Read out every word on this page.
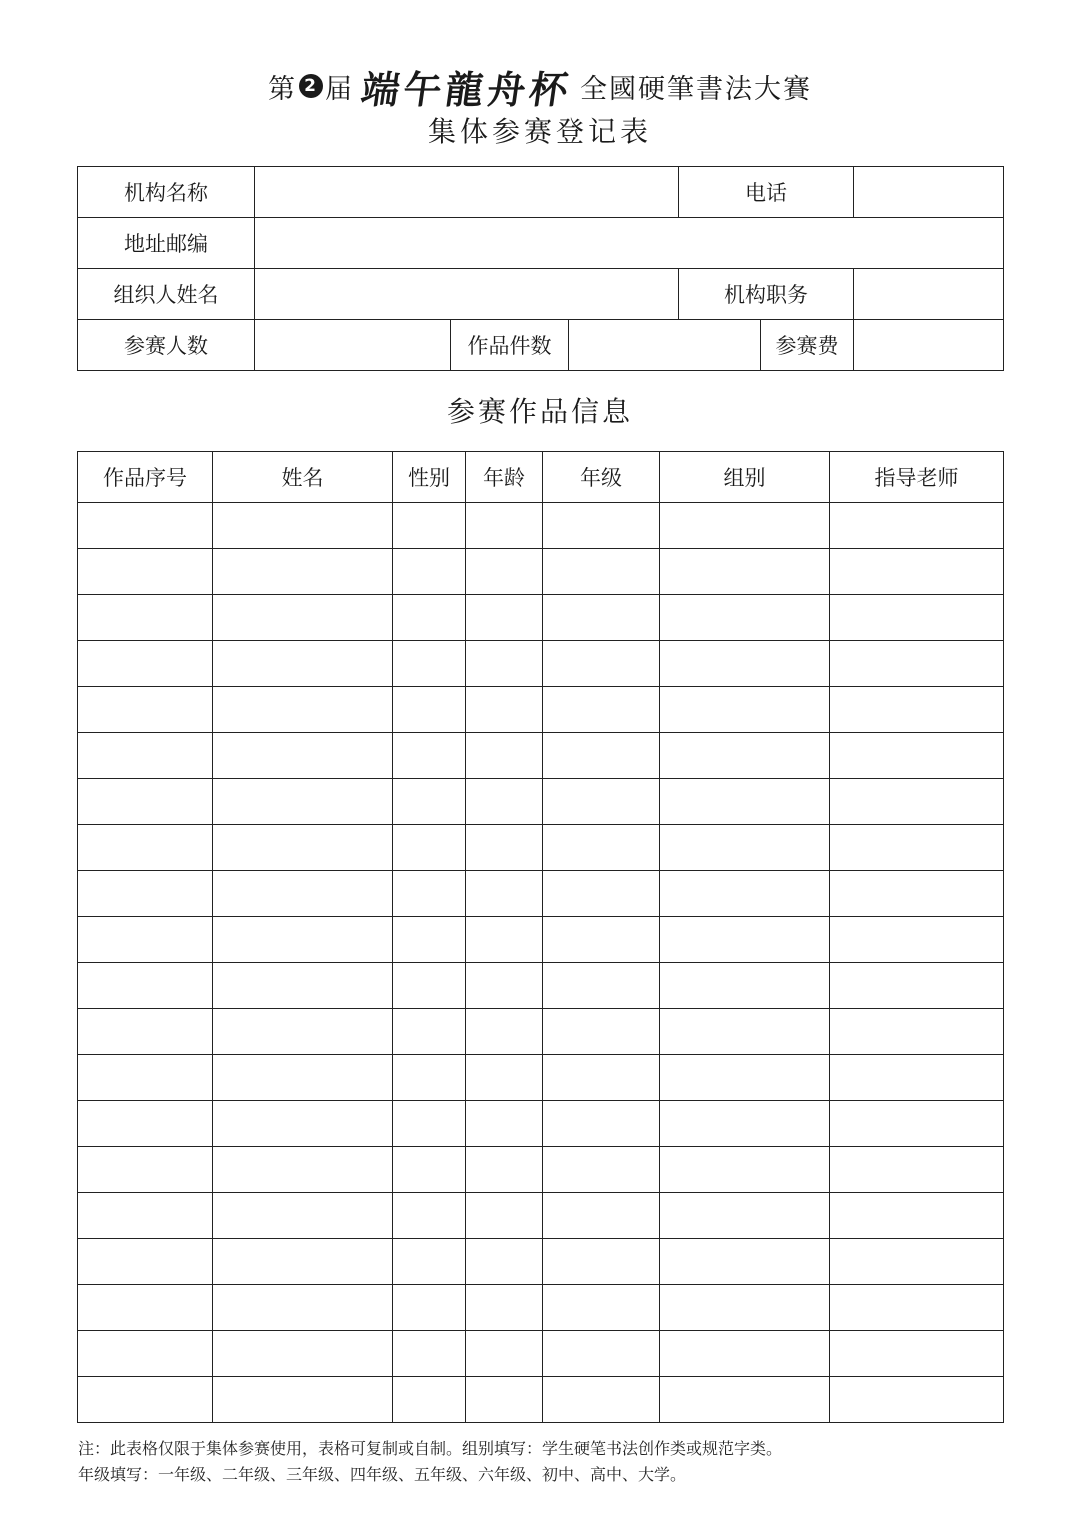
第 2 届 端午龍舟杯 全國硬筆書法大賽
集体参赛登记表
机构名称				电话		
地址邮编						
组织人姓名				机构职务		
参赛人数		作品件数			参赛费	
参赛作品信息
作品序号	姓名	性别	年龄	年级	组别	指导老师

注：此表格仅限于集体参赛使用，表格可复制或自制。组别填写：学生硬笔书法创作类或规范字类。
年级填写：一年级、二年级、三年级、四年级、五年级、六年级、初中、高中、大学。
